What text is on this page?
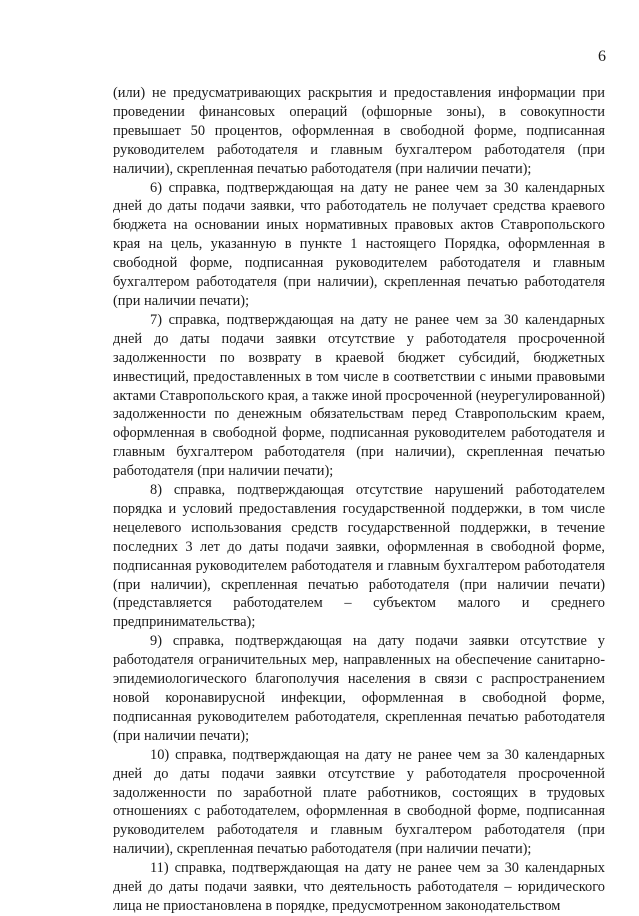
6

(или) не предусматривающих раскрытия и предоставления информации при проведении финансовых операций (офшорные зоны), в совокупности превышает 50 процентов, оформленная в свободной форме, подписанная руководителем работодателя и главным бухгалтером работодателя (при наличии), скрепленная печатью работодателя (при наличии печати);

6) справка, подтверждающая на дату не ранее чем за 30 календарных дней до даты подачи заявки, что работодатель не получает средства краевого бюджета на основании иных нормативных правовых актов Ставропольского края на цель, указанную в пункте 1 настоящего Порядка, оформленная в свободной форме, подписанная руководителем работодателя и главным бухгалтером работодателя (при наличии), скрепленная печатью работодателя (при наличии печати);

7) справка, подтверждающая на дату не ранее чем за 30 календарных дней до даты подачи заявки отсутствие у работодателя просроченной задолженности по возврату в краевой бюджет субсидий, бюджетных инвестиций, предоставленных в том числе в соответствии с иными правовыми актами Ставропольского края, а также иной просроченной (неурегулированной) задолженности по денежным обязательствам перед Ставропольским краем, оформленная в свободной форме, подписанная руководителем работодателя и главным бухгалтером работодателя (при наличии), скрепленная печатью работодателя (при наличии печати);

8) справка, подтверждающая отсутствие нарушений работодателем порядка и условий предоставления государственной поддержки, в том числе нецелевого использования средств государственной поддержки, в течение последних 3 лет до даты подачи заявки, оформленная в свободной форме, подписанная руководителем работодателя и главным бухгалтером работодателя (при наличии), скрепленная печатью работодателя (при наличии печати) (представляется работодателем – субъектом малого и среднего предпринимательства);

9) справка, подтверждающая на дату подачи заявки отсутствие у работодателя ограничительных мер, направленных на обеспечение санитарно-эпидемиологического благополучия населения в связи с распространением новой коронавирусной инфекции, оформленная в свободной форме, подписанная руководителем работодателя, скрепленная печатью работодателя (при наличии печати);

10) справка, подтверждающая на дату не ранее чем за 30 календарных дней до даты подачи заявки отсутствие у работодателя просроченной задолженности по заработной плате работников, состоящих в трудовых отношениях с работодателем, оформленная в свободной форме, подписанная руководителем работодателя и главным бухгалтером работодателя (при наличии), скрепленная печатью работодателя (при наличии печати);

11) справка, подтверждающая на дату не ранее чем за 30 календарных дней до даты подачи заявки, что деятельность работодателя – юридического лица не приостановлена в порядке, предусмотренном законодательством
